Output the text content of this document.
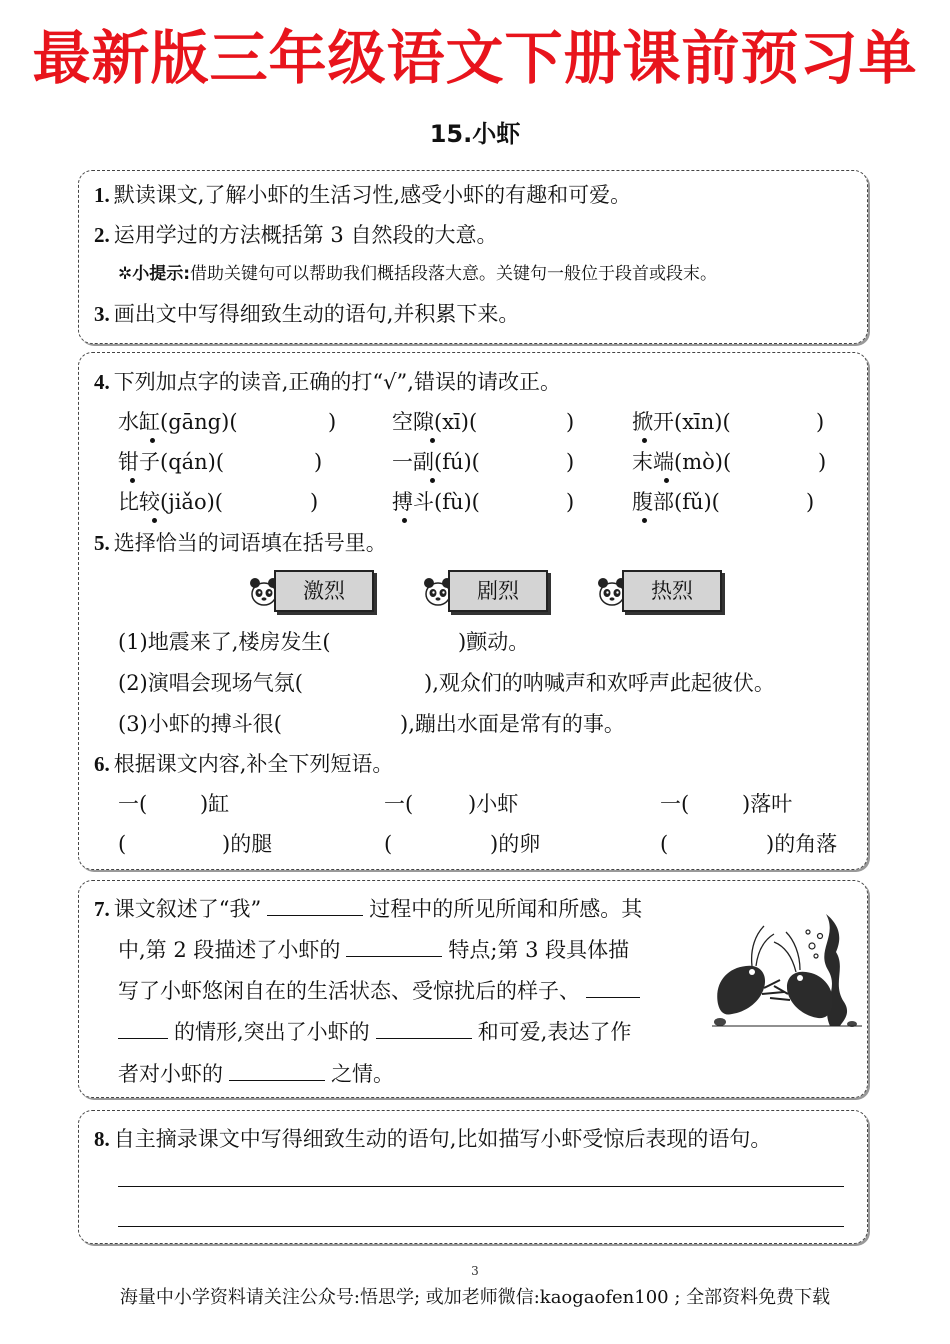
最新版三年级语文下册课前预习单
15.小虾
1. 默读课文,了解小虾的生活习性,感受小虾的有趣和可爱。
2. 运用学过的方法概括第 3 自然段的大意。
✲小提示:借助关键句可以帮助我们概括段落大意。关键句一般位于段首或段末。
3. 画出文中写得细致生动的语句,并积累下来。
4. 下列加点字的读音,正确的打“√”,错误的请改正。
水缸(gāng)(	)	空隙(xī)(	)	掀开(xīn)(	)
钳子(qán)(	)	一副(fú)(	)	末端(mò)(	)
比较(jiǎo)(	)	搏斗(fù)(	)	腹部(fǔ)(	)
5. 选择恰当的词语填在括号里。
激烈	剧烈	热烈
(1)地震来了,楼房发生(	)颤动。
(2)演唱会现场气氛(	),观众们的呐喊声和欢呼声此起彼伏。
(3)小虾的搏斗很(	),蹦出水面是常有的事。
6. 根据课文内容,补全下列短语。
一(	)缸	一(	)小虾	一(	)落叶
(	)的腿	(	)的卵	(	)的角落
7. 课文叙述了“我”	过程中的所见所闻和所感。其
中,第 2 段描述了小虾的	特点;第 3 段具体描
写了小虾悠闲自在的生活状态、受惊扰后的样子、
的情形,突出了小虾的	和可爱,表达了作
者对小虾的	之情。
8. 自主摘录课文中写得细致生动的语句,比如描写小虾受惊后表现的语句。
3
海量中小学资料请关注公众号:悟思学; 或加老师微信:kaogaofen100 ; 全部资料免费下载
